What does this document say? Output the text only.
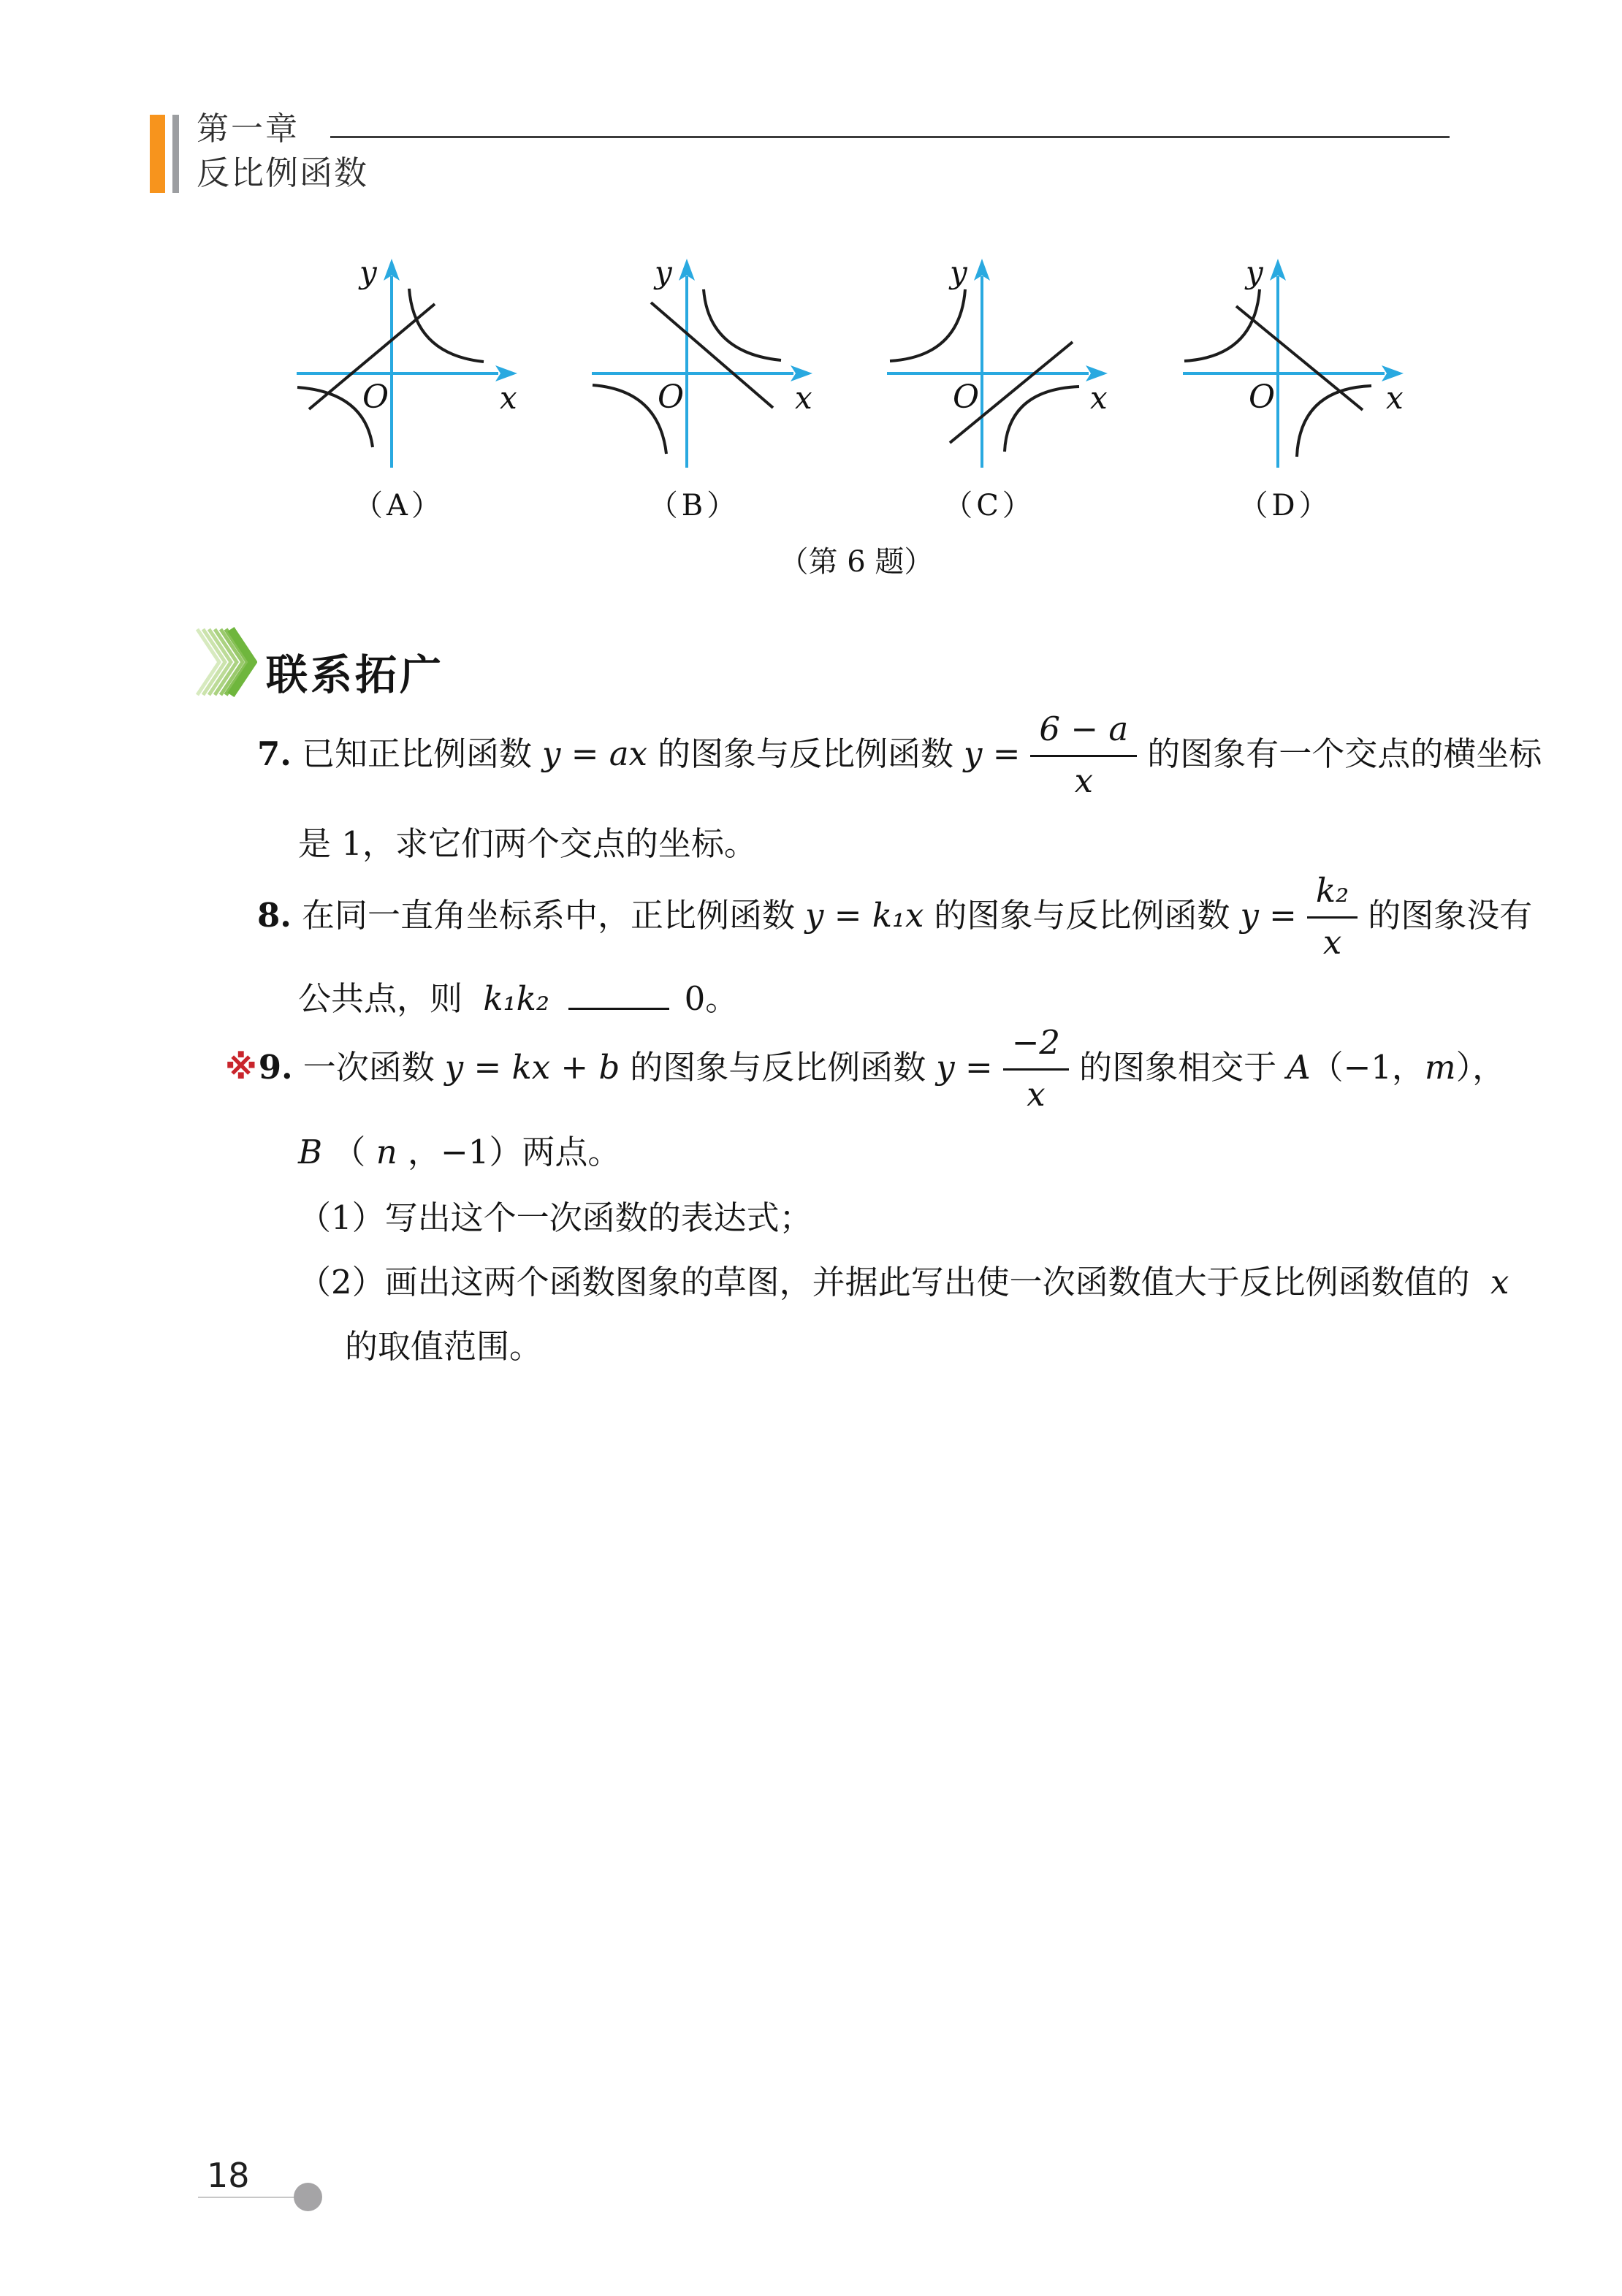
第一章
反比例函数
y
x
O
（A）
y
x
O
（B）
y
x
O
（C）
y
x
O
（D）
（第 6 题）
联系拓广
7. 已知正比例函数 y = ax 的图象与反比例函数 $y = \frac{6 - a}{x}$ 的图象有一个交点的横坐标
是 1，求它们两个交点的坐标。
8. 在同一直角坐标系中，正比例函数 y = k₁x 的图象与反比例函数 $y = \frac{\text{k₂}}{x}$ 的图象没有
公共点，则 k₁k₂	0。
※ 9. 一次函数 y = kx + b 的图象与反比例函数 $y = \frac{-2}{x}$ 的图象相交于 A （−1， m ），
B （ n ，−1）两点。
（1）写出这个一次函数的表达式；
（2）画出这两个函数图象的草图，并据此写出使一次函数值大于反比例函数值的 x
的取值范围。
18
